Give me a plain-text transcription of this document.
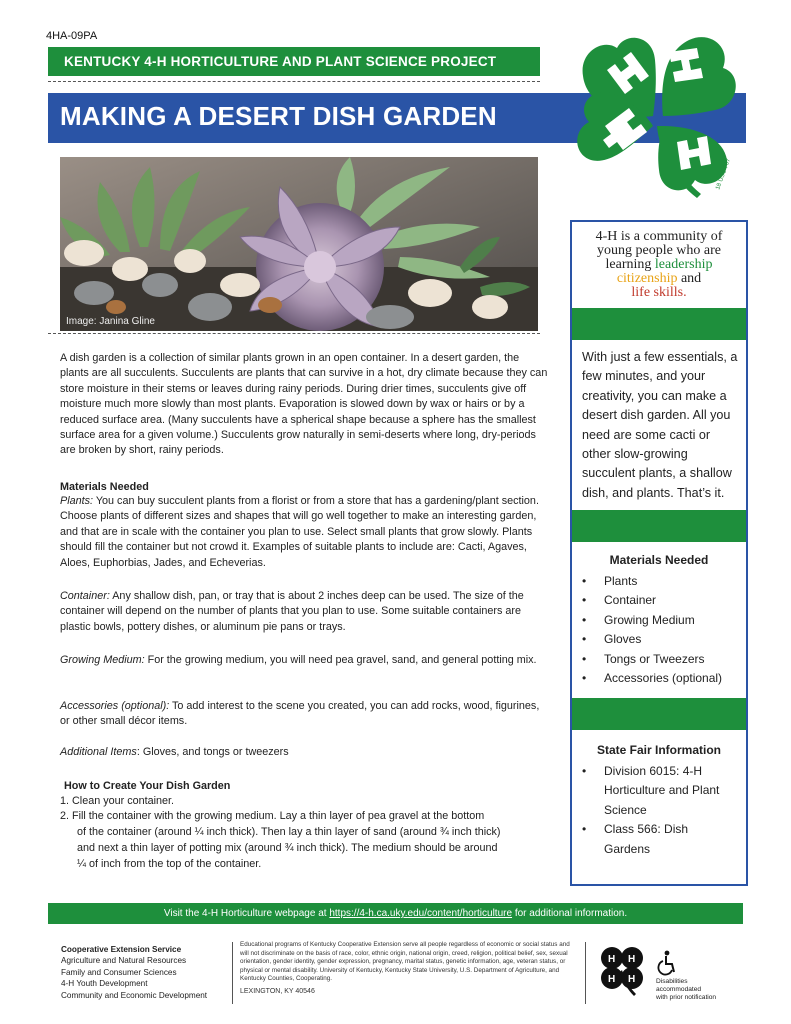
4HA-09PA
KENTUCKY 4-H HORTICULTURE AND PLANT SCIENCE PROJECT
MAKING A DESERT DISH GARDEN
18 USC 707
Image: Janina Gline
A dish garden is a collection of similar plants grown in an open container. In a desert garden, the plants are all succulents. Succulents are plants that can survive in a hot, dry climate because they can store moisture in their stems or leaves during rainy periods. During drier times, succulents give off moisture much more slowly than most plants. Evaporation is slowed down by wax or hairs or by a reduced surface area. (Many succulents have a spherical shape because a sphere has the smallest surface area for a given volume.) Succulents grow naturally in semi-deserts where long, dry-periods are broken by short, rainy periods.
Materials Needed
Plants: You can buy succulent plants from a florist or from a store that has a gardening/plant section. Choose plants of different sizes and shapes that will go well together to make an interesting garden, and that are in scale with the container you plan to use. Select small plants that grow slowly. Plants should fill the container but not crowd it. Examples of suitable plants to include are: Cacti, Agaves, Aloes, Euphorbias, Jades, and Echeverias.
Container: Any shallow dish, pan, or tray that is about 2 inches deep can be used. The size of the container will depend on the number of plants that you plan to use. Some suitable containers are plastic bowls, pottery dishes, or aluminum pie pans or trays.
Growing Medium: For the growing medium, you will need pea gravel, sand, and general potting mix.
Accessories (optional): To add interest to the scene you created, you can add rocks, wood, figurines, or other small décor items.
Additional Items: Gloves, and tongs or tweezers
How to Create Your Dish Garden
1. Clean your container.
2. Fill the container with the growing medium. Lay a thin layer of pea gravel at the bottom
of the container (around ¼ inch thick). Then lay a thin layer of sand (around ¾ inch thick)
and next a thin layer of potting mix (around ¾ inch thick). The medium should be around
¼ of inch from the top of the container.
4-H is a community of
young people who are
learning leadership
citizenship and
life skills.
With just a few essentials, a few minutes, and your creativity, you can make a desert dish garden. All you need are some cacti or other slow-growing succulent plants, a shallow dish, and plants. That’s it.
Materials Needed
• Plants
• Container
• Growing Medium
• Gloves
• Tongs or Tweezers
• Accessories (optional)
State Fair Information
• Division 6015: 4-H
Horticulture and Plant
Science
• Class 566: Dish
Gardens
Visit the 4-H Horticulture webpage at https://4-h.ca.uky.edu/content/horticulture for additional information.
Cooperative Extension Service
Agriculture and Natural Resources
Family and Consumer Sciences
4-H Youth Development
Community and Economic Development
Educational programs of Kentucky Cooperative Extension serve all people regardless of economic or social status and will not discriminate on the basis of race, color, ethnic origin, national origin, creed, religion, political belief, sex, sexual orientation, gender identity, gender expression, pregnancy, marital status, genetic information, age, veteran status, or physical or mental disability. University of Kentucky, Kentucky State University, U.S. Department of Agriculture, and Kentucky Counties, Cooperating.
LEXINGTON, KY 40546
H H
H H	Disabilities
accommodated
with prior notification
